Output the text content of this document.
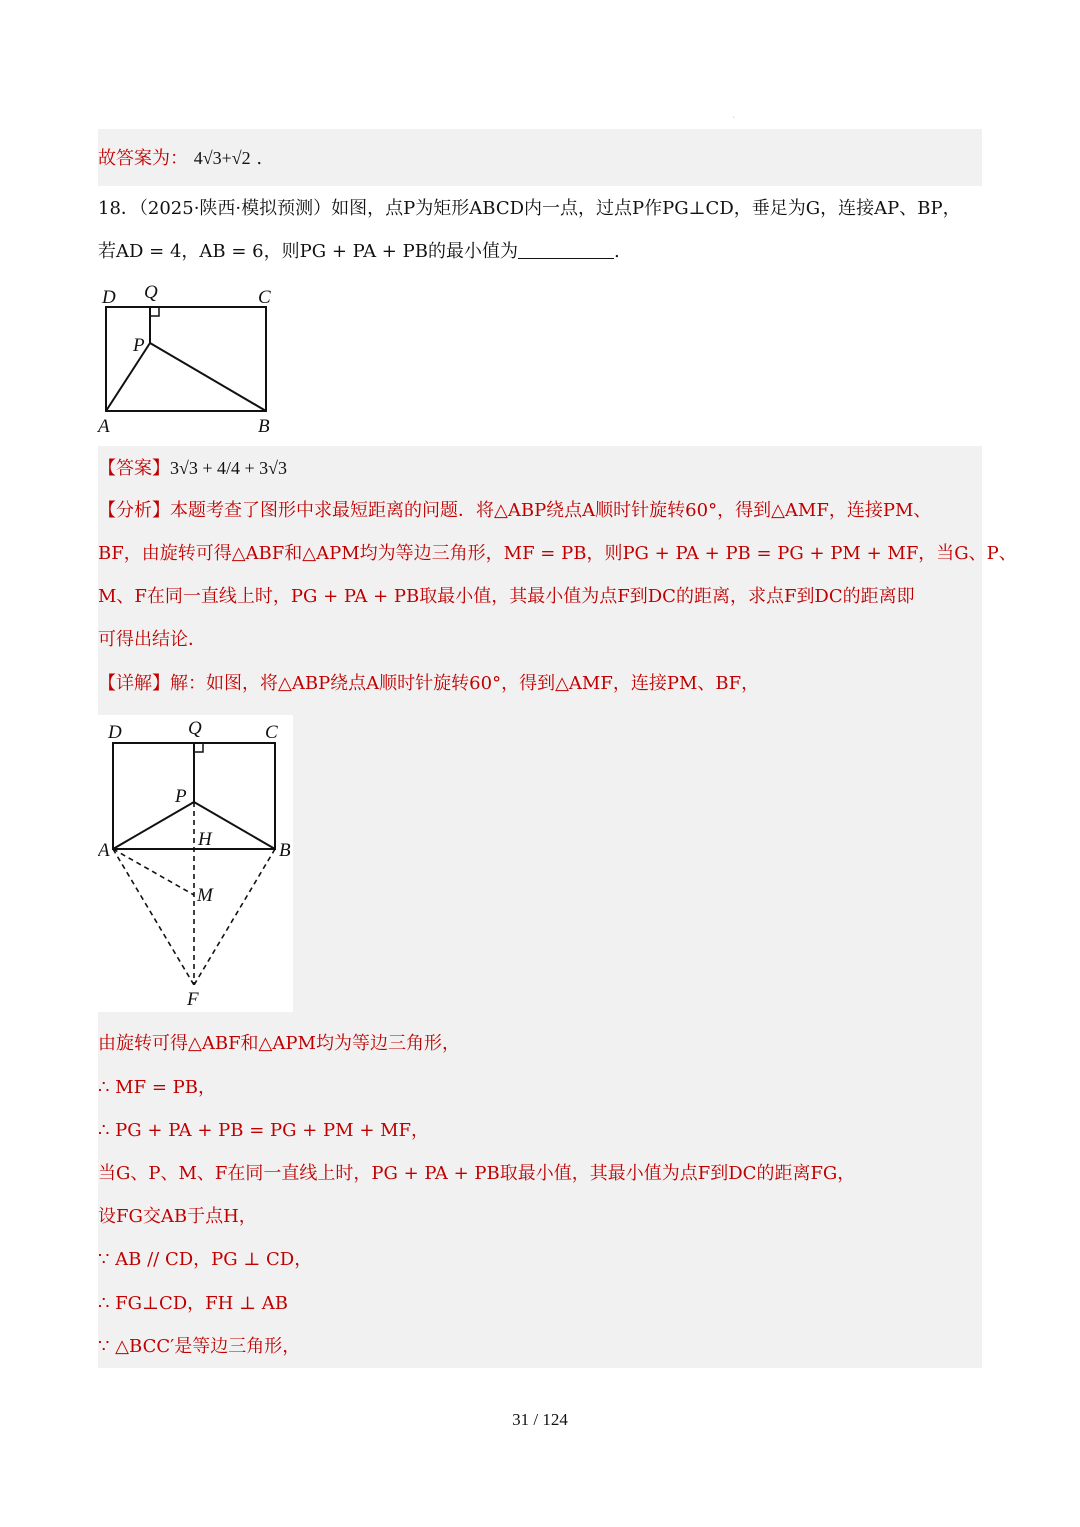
ˌ
故答案为： 4√3+√2 .
18．（2025·陕西·模拟预测）如图，点P为矩形ABCD内一点，过点P作PG⊥CD，垂足为G，连接AP、BP，
若AD = 4，AB = 6，则PG + PA + PB的最小值为	.
D Q	C
P
A	B
【答案】3√3 + 4/4 + 3√3
【分析】本题考查了图形中求最短距离的问题．将△ABP绕点A顺时针旋转60°，得到△AMF，连接PM、
BF，由旋转可得△ABF和△APM均为等边三角形，MF = PB，则PG + PA + PB = PG + PM + MF，当G、P、
M、F在同一直线上时，PG + PA + PB取最小值，其最小值为点F到DC的距离，求点F到DC的距离即
可得出结论．
【详解】解：如图，将△ABP绕点A顺时针旋转60°，得到△AMF，连接PM、BF，
D	Q	C
P
H
A	B
M
F
由旋转可得△ABF和△APM均为等边三角形，
∴ MF = PB，
∴ PG + PA + PB = PG + PM + MF，
当G、P、M、F在同一直线上时，PG + PA + PB取最小值，其最小值为点F到DC的距离FG，
设FG交AB于点H，
∵ AB // CD，PG ⊥ CD，
∴ FG⊥CD，FH ⊥ AB
∵ △BCC′是等边三角形，
31 / 124
